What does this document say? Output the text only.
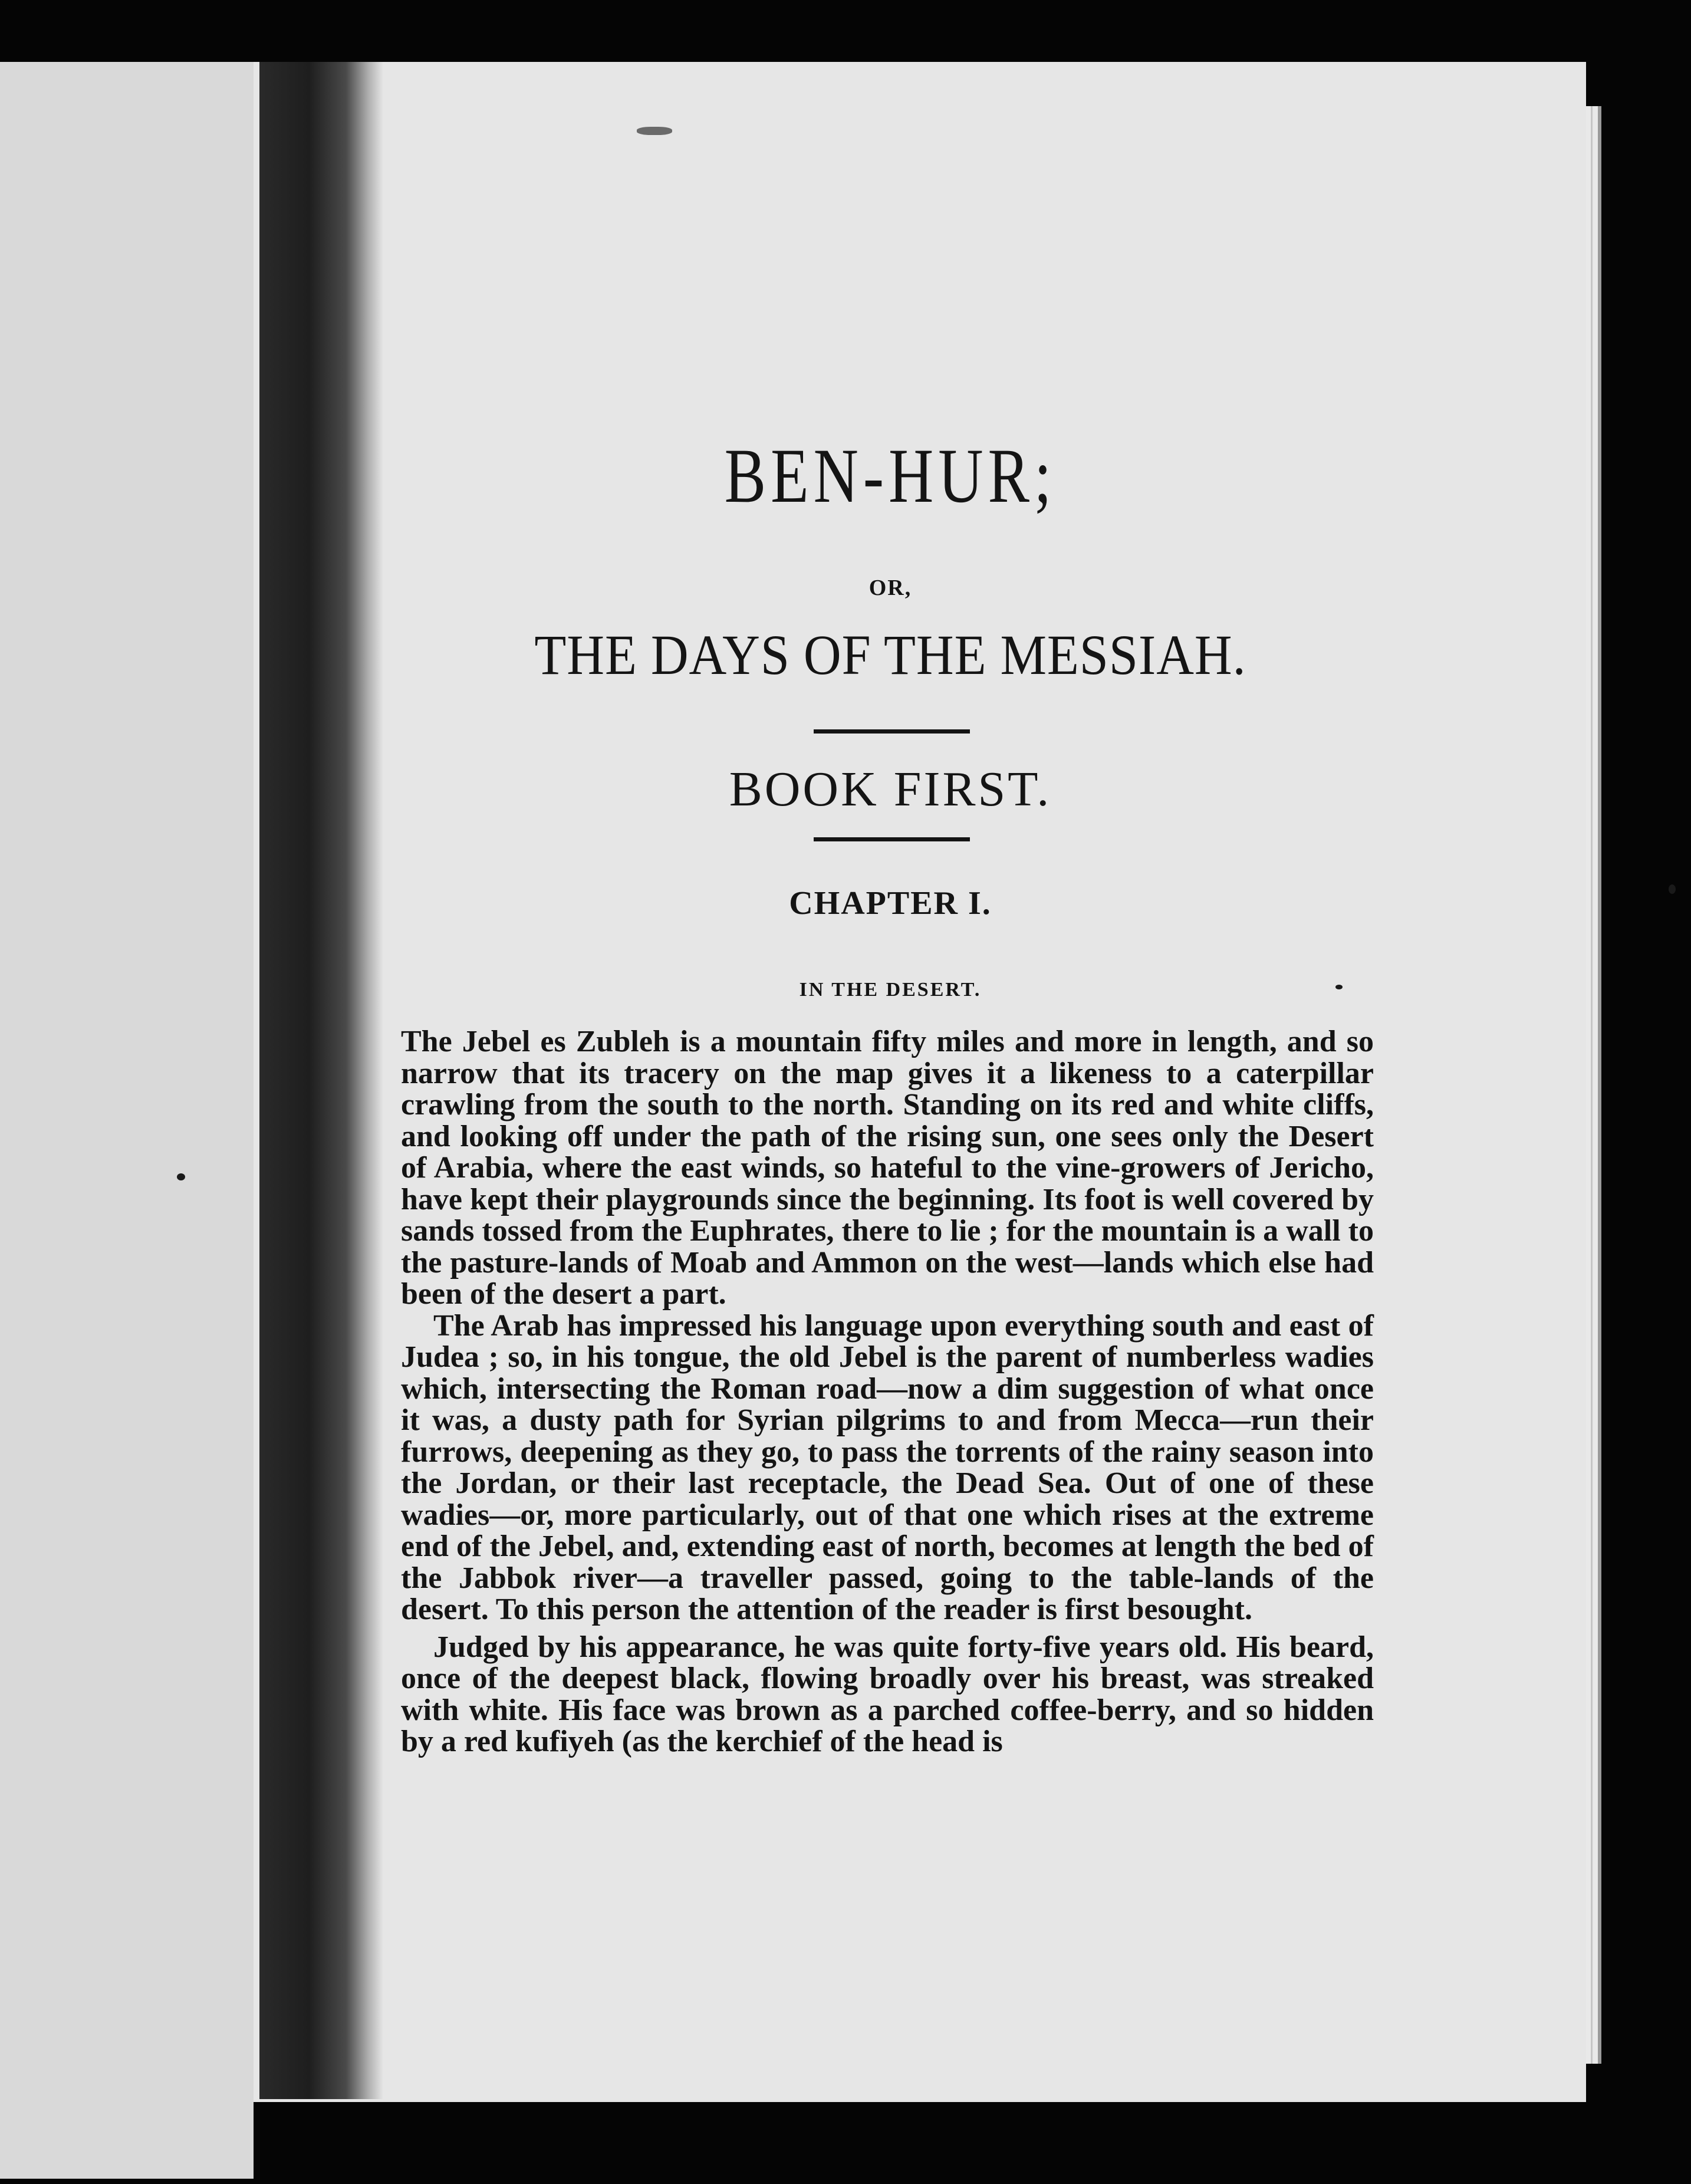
BEN-HUR;
OR,
THE DAYS OF THE MESSIAH.
BOOK FIRST.
CHAPTER I.
IN THE DESERT.

The Jebel es Zubleh is a mountain fifty miles and more in length, and so narrow that its tracery on the map gives it a likeness to a caterpillar crawling from the south to the north. Standing on its red and white cliffs, and looking off under the path of the rising sun, one sees only the Desert of Arabia, where the east winds, so hateful to the vine-growers of Jericho, have kept their playgrounds since the beginning. Its foot is well covered by sands tossed from the Euphrates, there to lie ; for the mountain is a wall to the pasture-lands of Moab and Ammon on the west—lands which else had been of the desert a part.

The Arab has impressed his language upon everything south and east of Judea ; so, in his tongue, the old Jebel is the parent of numberless wadies which, intersecting the Roman road—now a dim suggestion of what once it was, a dusty path for Syrian pilgrims to and from Mecca—run their furrows, deepening as they go, to pass the torrents of the rainy season into the Jordan, or their last receptacle, the Dead Sea. Out of one of these wadies—or, more particularly, out of that one which rises at the extreme end of the Jebel, and, extending east of north, becomes at length the bed of the Jabbok river—a traveller passed, going to the table-lands of the desert. To this person the attention of the reader is first besought.

Judged by his appearance, he was quite forty-five years old. His beard, once of the deepest black, flowing broadly over his breast, was streaked with white. His face was brown as a parched coffee-berry, and so hidden by a red kufiyeh (as the kerchief of the head is
